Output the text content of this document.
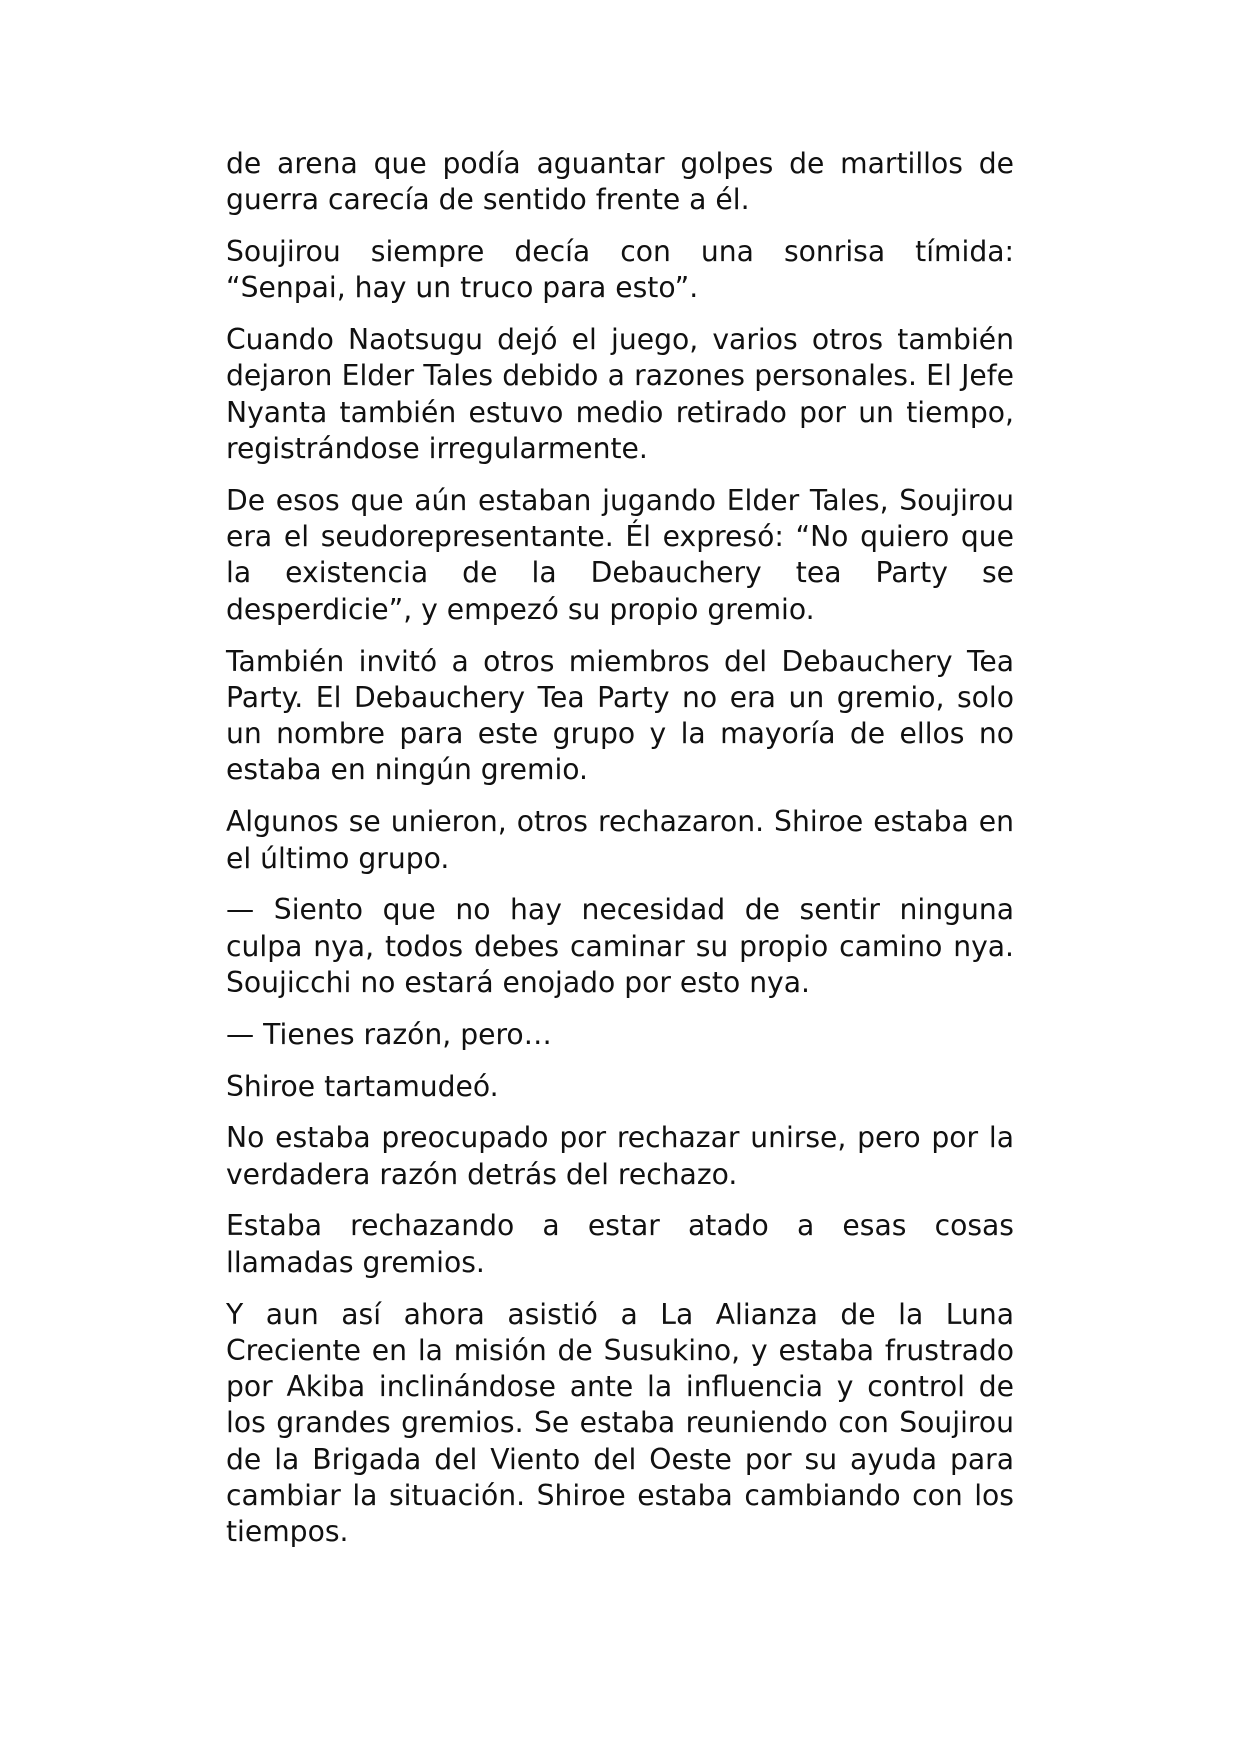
de arena que podía aguantar golpes de martillos de guerra carecía de sentido frente a él.

Soujirou siempre decía con una sonrisa tímida: “Senpai, hay un truco para esto”.

Cuando Naotsugu dejó el juego, varios otros también dejaron Elder Tales debido a razones personales. El Jefe Nyanta también estuvo medio retirado por un tiempo, registrándose irregularmente.

De esos que aún estaban jugando Elder Tales, Soujirou era el seudorepresentante. Él expresó: “No quiero que la existencia de la Debauchery tea Party se desperdicie”, y empezó su propio gremio.

También invitó a otros miembros del Debauchery Tea Party. El Debauchery Tea Party no era un gremio, solo un nombre para este grupo y la mayoría de ellos no estaba en ningún gremio.

Algunos se unieron, otros rechazaron. Shiroe estaba en el último grupo.

— Siento que no hay necesidad de sentir ninguna culpa nya, todos debes caminar su propio camino nya. Soujicchi no estará enojado por esto nya.

— Tienes razón, pero…

Shiroe tartamudeó.

No estaba preocupado por rechazar unirse, pero por la verdadera razón detrás del rechazo.

Estaba rechazando a estar atado a esas cosas llamadas gremios.

Y aun así ahora asistió a La Alianza de la Luna Creciente en la misión de Susukino, y estaba frustrado por Akiba inclinándose ante la influencia y control de los grandes gremios. Se estaba reuniendo con Soujirou de la Brigada del Viento del Oeste por su ayuda para cambiar la situación. Shiroe estaba cambiando con los tiempos.
